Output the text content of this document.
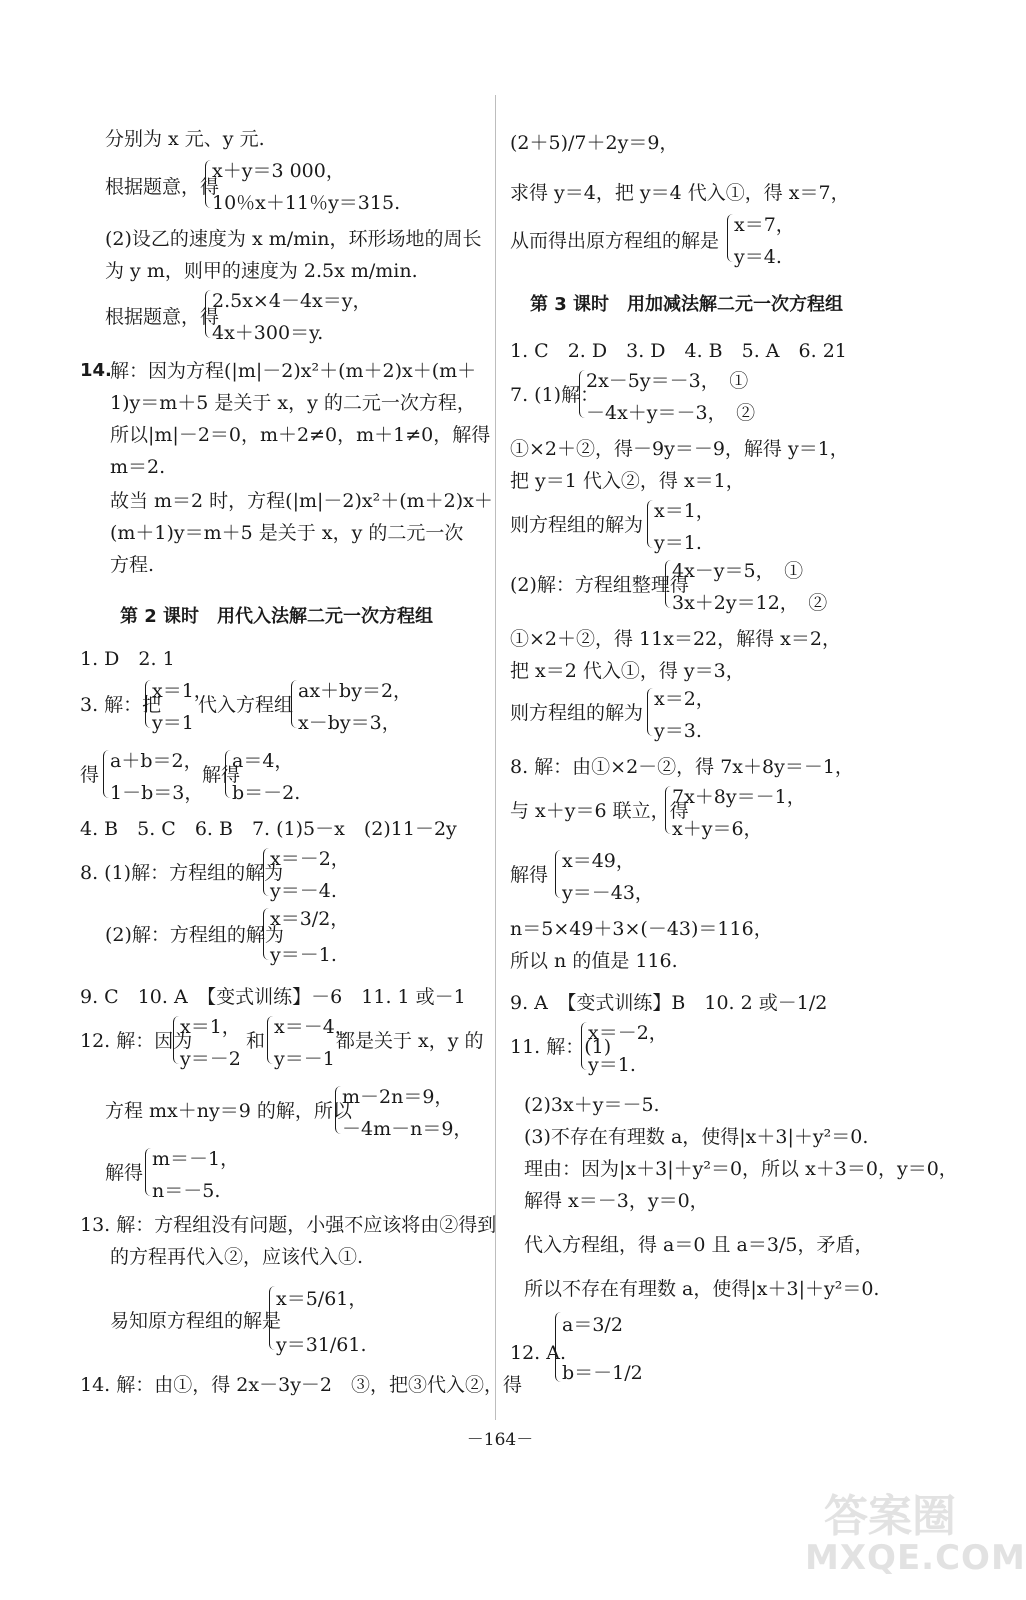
分别为 x 元、y 元.
根据题意，得
x＋y＝3 000，
10％x＋11％y＝315.
(2)设乙的速度为 x m/min，环形场地的周长
为 y m，则甲的速度为 2.5x m/min.
根据题意，得
2.5x×4－4x＝y，
4x＋300＝y.
14.
解：因为方程(|m|－2)x²＋(m＋2)x＋(m＋
1)y＝m＋5 是关于 x，y 的二元一次方程，
所以|m|－2＝0，m＋2≠0，m＋1≠0，解得
m＝2.
故当 m＝2 时，方程(|m|－2)x²＋(m＋2)x＋
(m＋1)y＝m＋5 是关于 x，y 的二元一次
方程.
第 2 课时　用代入法解二元一次方程组
1. D　2. 1
3. 解：把
x＝1，
y＝1
代入方程组
ax＋by＝2，
x－by＝3，
得
a＋b＝2，
1－b＝3，
解得
a＝4，
b＝－2.
4. B　5. C　6. B　7. (1)5－x　(2)11－2y
8. (1)解：方程组的解为
x＝－2，
y＝－4.
(2)解：方程组的解为
x＝3/2，
y＝－1.
9. C　10. A　【变式训练】－6　11. 1 或－1
12. 解：因为
x＝1，
y＝－2
和
x＝－4，
y＝－1
都是关于 x，y 的
方程 mx＋ny＝9 的解，所以
m－2n＝9，
－4m－n＝9，
解得
m＝－1，
n＝－5.
13. 解：方程组没有问题，小强不应该将由②得到
的方程再代入②，应该代入①.
易知原方程组的解是
x＝5/61，
y＝31/61.
14. 解：由①，得 2x－3y－2　③，把③代入②，得
(2＋5)/7＋2y＝9，
求得 y＝4，把 y＝4 代入①，得 x＝7，
从而得出原方程组的解是
x＝7，
y＝4.
第 3 课时　用加减法解二元一次方程组
1. C　2. D　3. D　4. B　5. A　6. 21
7. (1)解：
2x－5y＝－3，　①
－4x＋y＝－3，　②
①×2＋②，得－9y＝－9，解得 y＝1，
把 y＝1 代入②，得 x＝1，
则方程组的解为
x＝1，
y＝1.
(2)解：方程组整理得
4x－y＝5，　①
3x＋2y＝12，　②
①×2＋②，得 11x＝22，解得 x＝2，
把 x＝2 代入①，得 y＝3，
则方程组的解为
x＝2，
y＝3.
8. 解：由①×2－②，得 7x＋8y＝－1，
与 x＋y＝6 联立，得
7x＋8y＝－1，
x＋y＝6，
解得
x＝49，
y＝－43，
n＝5×49＋3×(－43)＝116，
所以 n 的值是 116.
9. A　【变式训练】B　10. 2 或－1/2
11. 解：(1)
x＝－2，
y＝1.
(2)3x＋y＝－5.
(3)不存在有理数 a，使得|x＋3|＋y²＝0.
理由：因为|x＋3|＋y²＝0，所以 x＋3＝0，y＝0，
解得 x＝－3，y＝0，
代入方程组，得 a＝0 且 a＝3/5，矛盾，
所以不存在有理数 a，使得|x＋3|＋y²＝0.
12. A.
a＝3/2
b＝－1/2
－164－
答案圈
MXQE.COM
